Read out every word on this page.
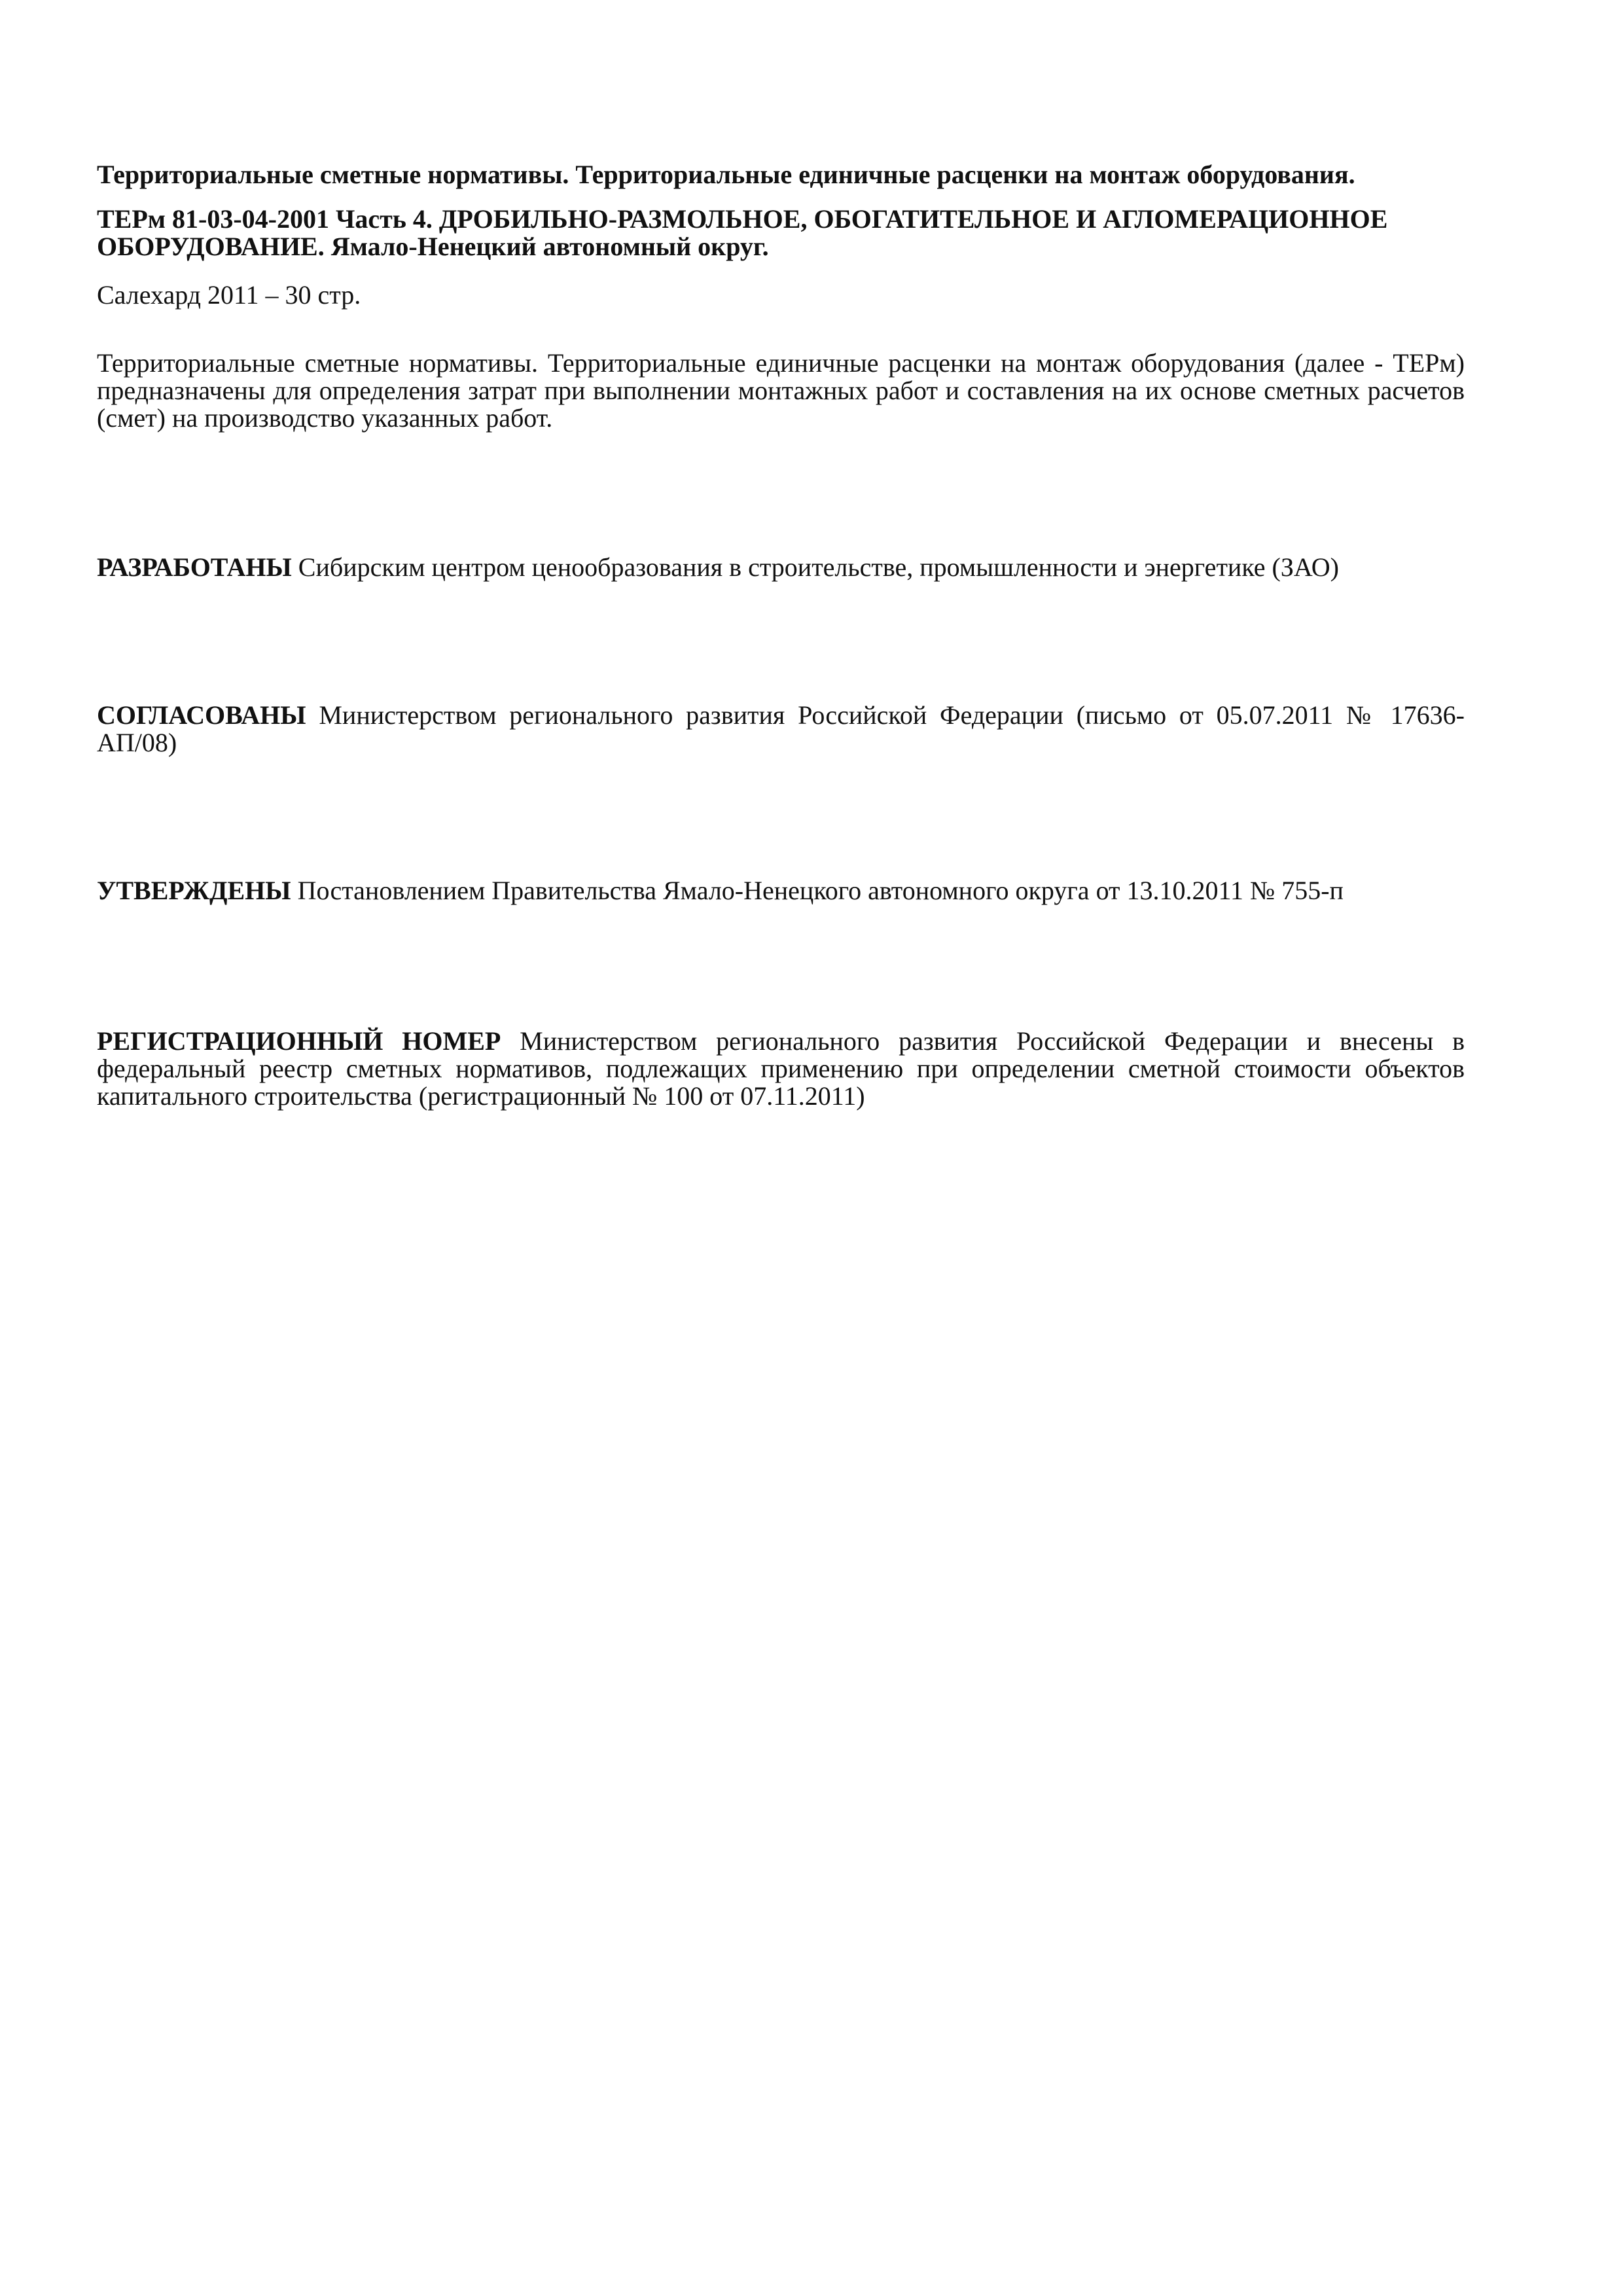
Территориальные сметные нормативы. Территориальные единичные расценки на монтаж оборудования.

ТЕРм 81-03-04-2001 Часть 4. ДРОБИЛЬНО-РАЗМОЛЬНОЕ, ОБОГАТИТЕЛЬНОЕ И АГЛОМЕРАЦИОННОЕ ОБОРУДОВАНИЕ. Ямало-Ненецкий автономный округ.

Салехард 2011 – 30 стр.

Территориальные сметные нормативы. Территориальные единичные расценки на монтаж оборудования (далее - ТЕРм) предназначены для определения затрат при выполнении монтажных работ и составления на их основе сметных расчетов (смет) на производство указанных работ.

РАЗРАБОТАНЫ Сибирским центром ценообразования в строительстве, промышленности и энергетике (ЗАО)

СОГЛАСОВАНЫ Министерством регионального развития Российской Федерации (письмо от 05.07.2011 № 17636-АП/08)

УТВЕРЖДЕНЫ Постановлением Правительства Ямало-Ненецкого автономного округа от 13.10.2011 № 755-п

РЕГИСТРАЦИОННЫЙ НОМЕР Министерством регионального развития Российской Федерации и внесены в федеральный реестр сметных нормативов, подлежащих применению при определении сметной стоимости объектов капитального строительства (регистрационный № 100 от 07.11.2011)
